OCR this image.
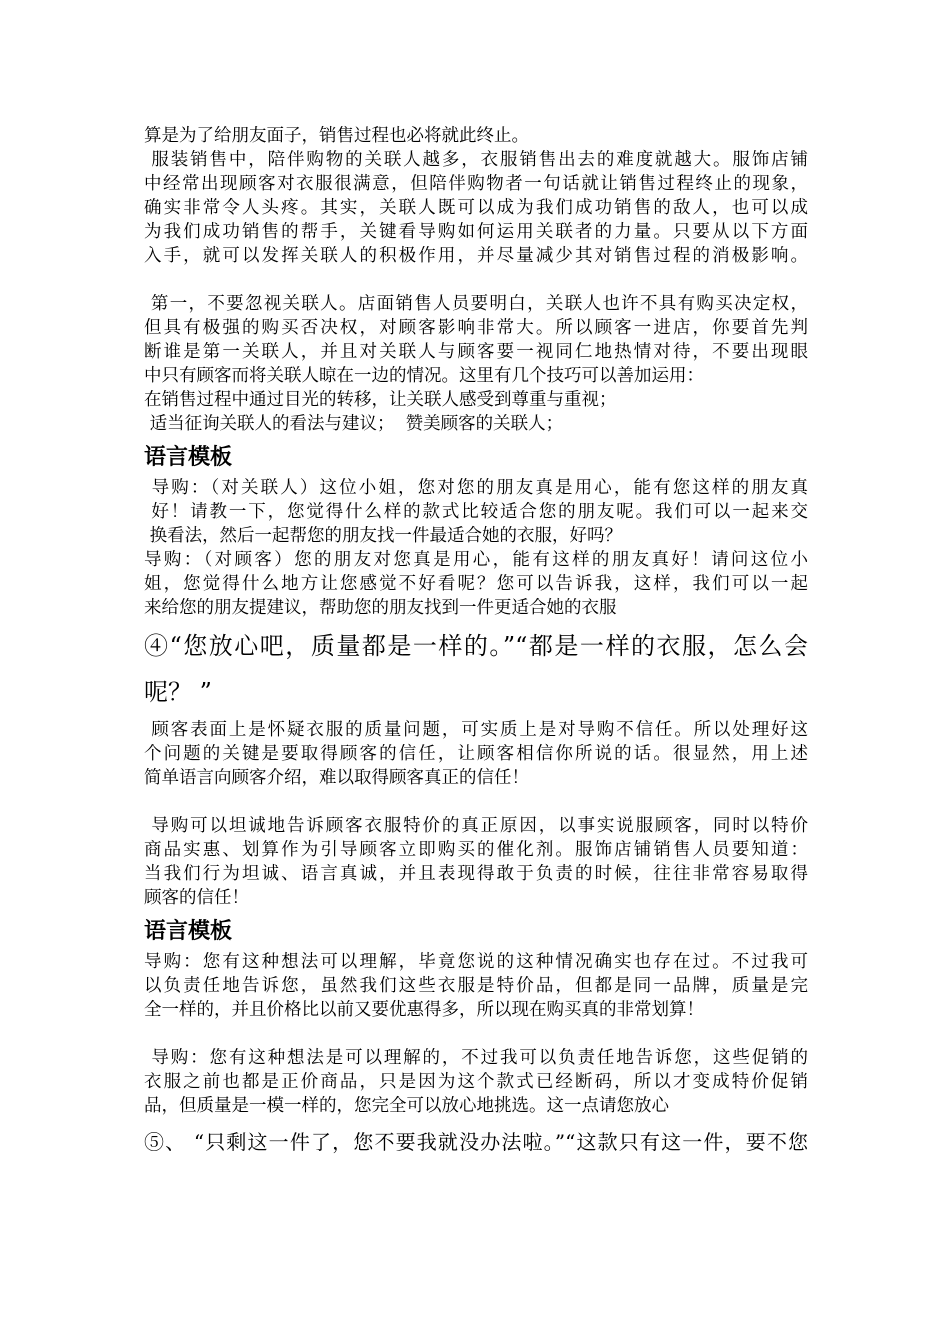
算是为了给朋友面子，销售过程也必将就此终止。

服装销售中，陪伴购物的关联人越多，衣服销售出去的难度就越大。服饰店铺

中经常出现顾客对衣服很满意，但陪伴购物者一句话就让销售过程终止的现象，

确实非常令人头疼。其实，关联人既可以成为我们成功销售的敌人，也可以成

为我们成功销售的帮手，关键看导购如何运用关联者的力量。只要从以下方面

入手，就可以发挥关联人的积极作用，并尽量减少其对销售过程的消极影响。

第一，不要忽视关联人。店面销售人员要明白，关联人也许不具有购买决定权，

但具有极强的购买否决权，对顾客影响非常大。所以顾客一进店，你要首先判

断谁是第一关联人，并且对关联人与顾客要一视同仁地热情对待，不要出现眼

中只有顾客而将关联人晾在一边的情况。这里有几个技巧可以善加运用：

在销售过程中通过目光的转移，让关联人感受到尊重与重视；

适当征询关联人的看法与建议；  赞美顾客的关联人；

语言模板

导购：（对关联人）这位小姐，您对您的朋友真是用心，能有您这样的朋友真

好！请教一下，您觉得什么样的款式比较适合您的朋友呢。我们可以一起来交

换看法，然后一起帮您的朋友找一件最适合她的衣服，好吗？

导购：（对顾客）您的朋友对您真是用心，能有这样的朋友真好！请问这位小

姐，您觉得什么地方让您感觉不好看呢？您可以告诉我，这样，我们可以一起

来给您的朋友提建议，帮助您的朋友找到一件更适合她的衣服

④“您放心吧，质量都是一样的。”“都是一样的衣服，怎么会

呢？ ”

顾客表面上是怀疑衣服的质量问题，可实质上是对导购不信任。所以处理好这

个问题的关键是要取得顾客的信任，让顾客相信你所说的话。很显然，用上述

简单语言向顾客介绍，难以取得顾客真正的信任！

导购可以坦诚地告诉顾客衣服特价的真正原因，以事实说服顾客，同时以特价

商品实惠、划算作为引导顾客立即购买的催化剂。服饰店铺销售人员要知道：

当我们行为坦诚、语言真诚，并且表现得敢于负责的时候，往往非常容易取得

顾客的信任！

语言模板

导购：您有这种想法可以理解，毕竟您说的这种情况确实也存在过。不过我可

以负责任地告诉您，虽然我们这些衣服是特价品，但都是同一品牌，质量是完

全一样的，并且价格比以前又要优惠得多，所以现在购买真的非常划算！

导购：您有这种想法是可以理解的，不过我可以负责任地告诉您，这些促销的

衣服之前也都是正价商品，只是因为这个款式已经断码，所以才变成特价促销

品，但质量是一模一样的，您完全可以放心地挑选。这一点请您放心

⑤、 “只剩这一件了，您不要我就没办法啦。”“这款只有这一件，要不您
